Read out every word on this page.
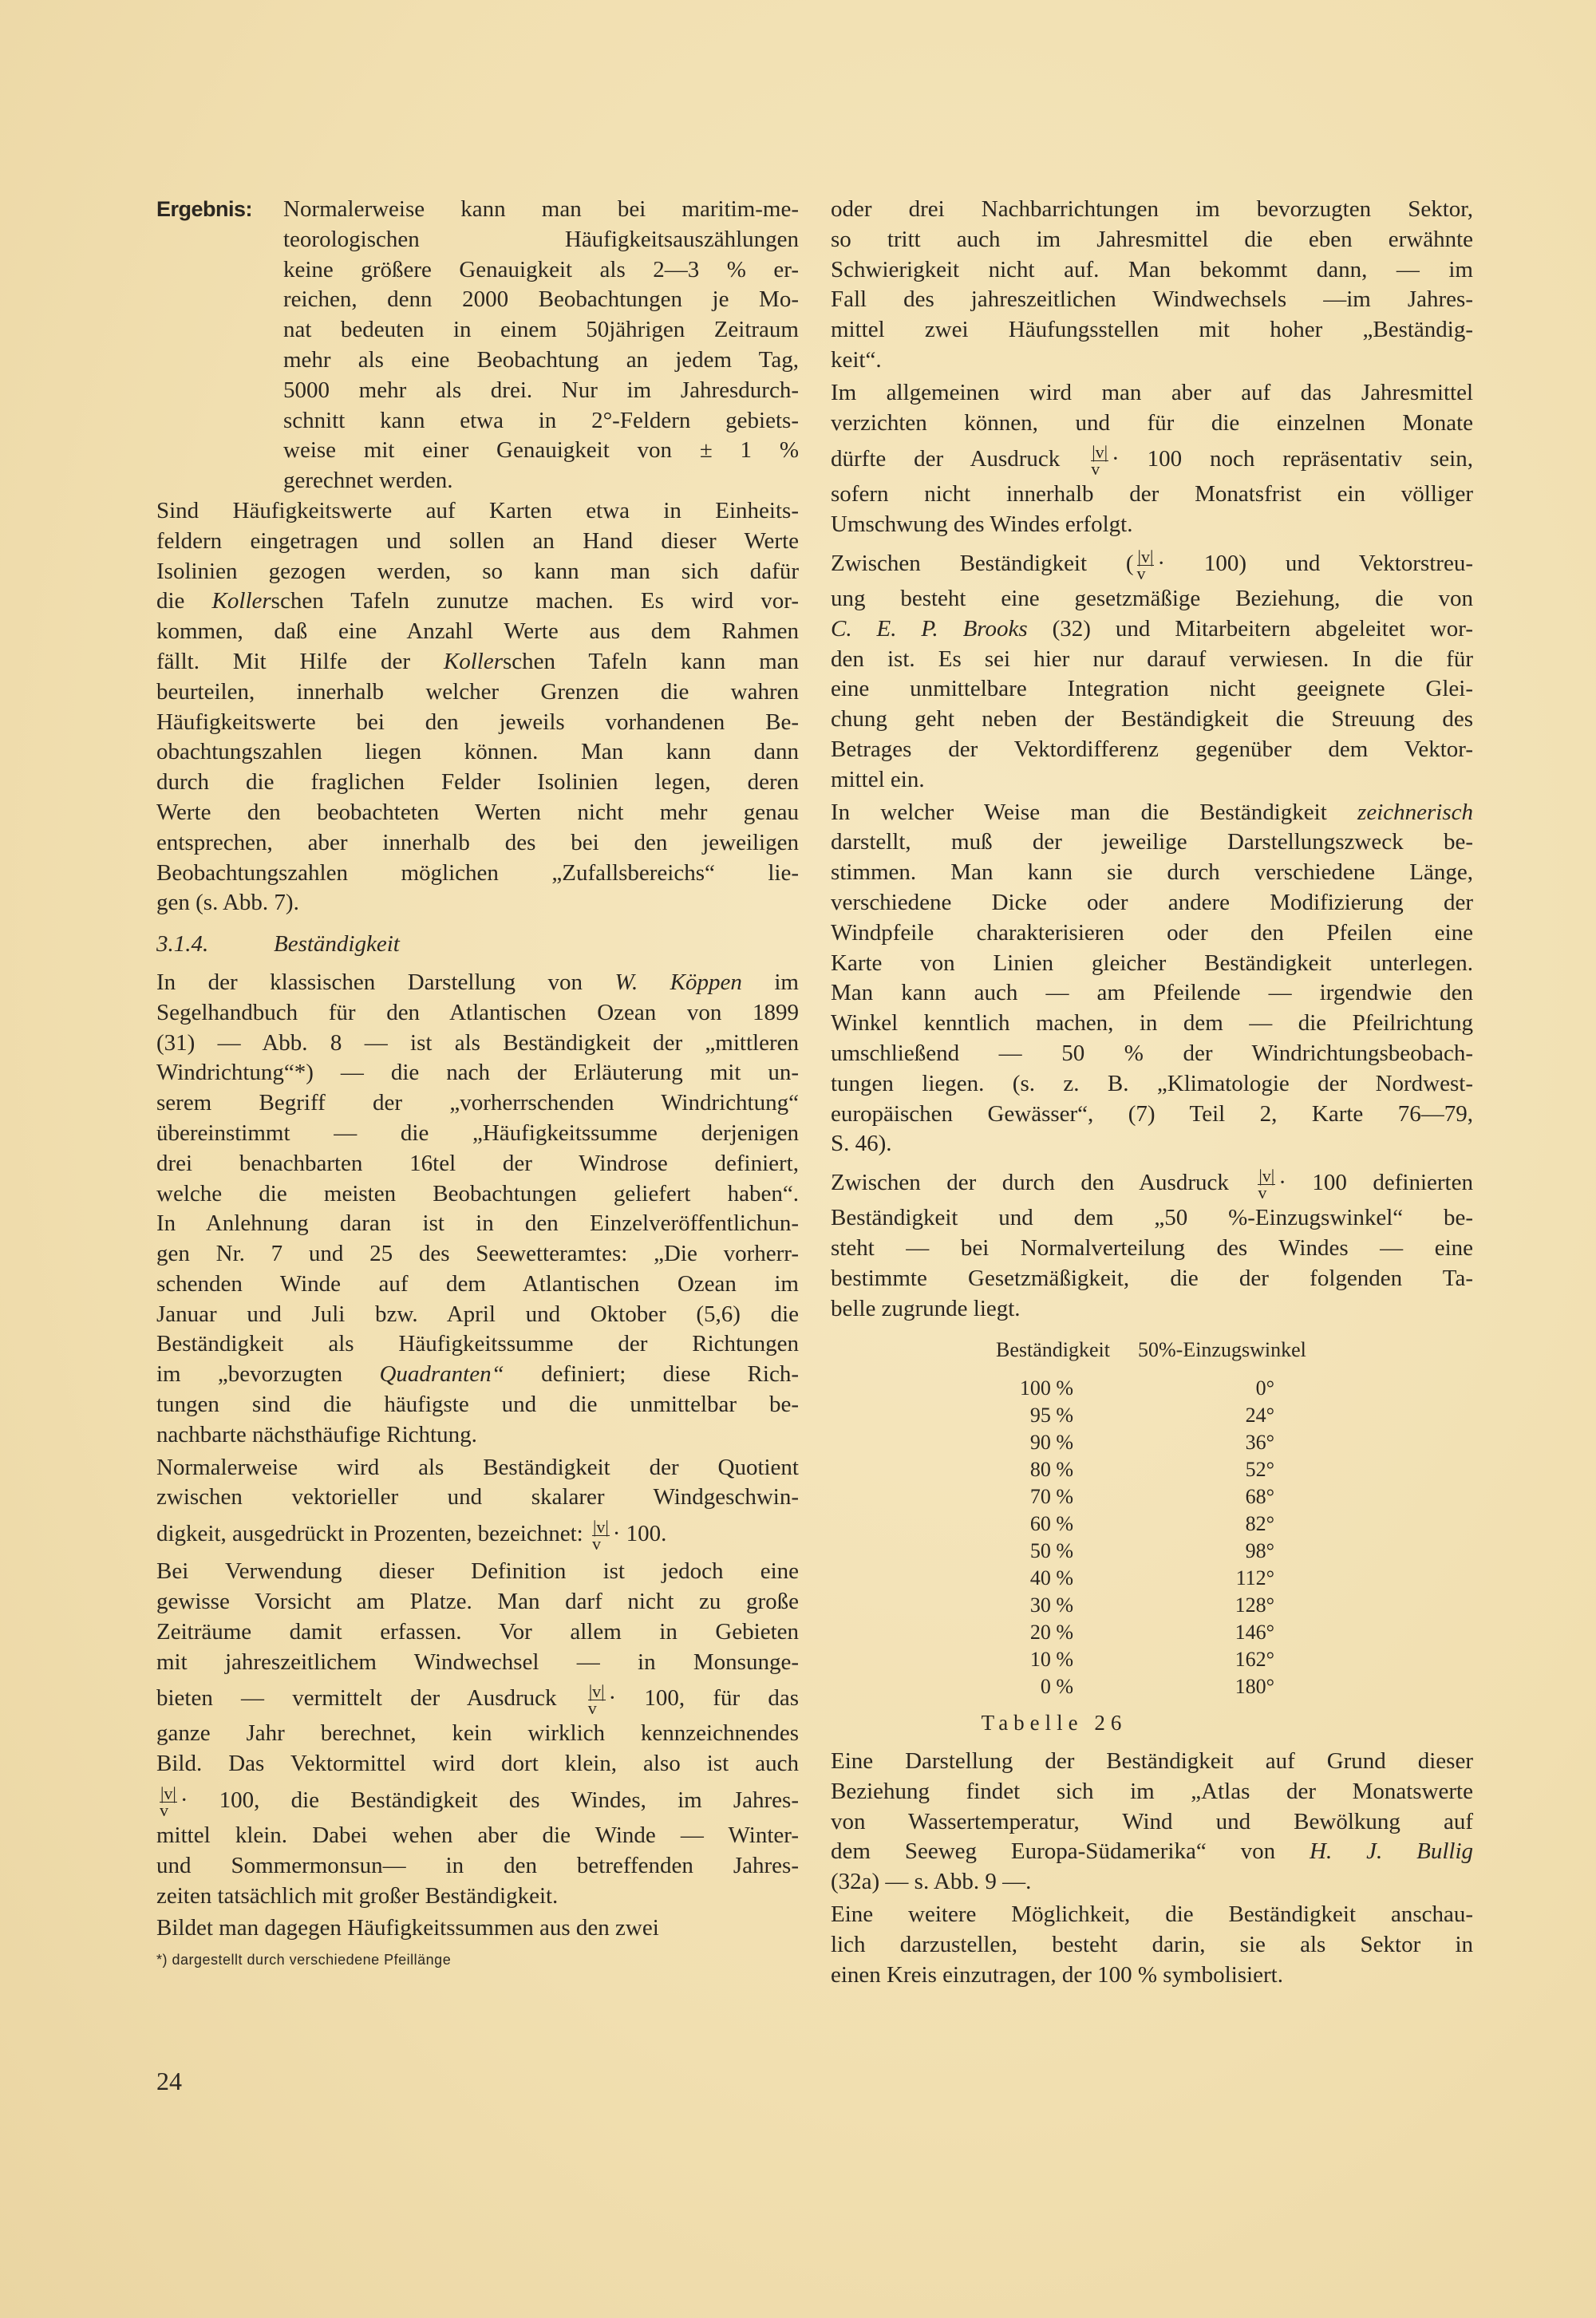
Ergebnis:	Normalerweise kann man bei maritim-me-
teorologischen Häufigkeitsauszählungen
keine größere Genauigkeit als 2—3 % er-
reichen, denn 2000 Beobachtungen je Mo-
nat bedeuten in einem 50jährigen Zeitraum
mehr als eine Beobachtung an jedem Tag,
5000 mehr als drei. Nur im Jahresdurch-
schnitt kann etwa in 2°-Feldern gebiets-
weise mit einer Genauigkeit von ± 1 %
gerechnet werden.
Sind Häufigkeitswerte auf Karten etwa in Einheits-
feldern eingetragen und sollen an Hand dieser Werte
Isolinien gezogen werden, so kann man sich dafür
die Kollerschen Tafeln zunutze machen. Es wird vor-
kommen, daß eine Anzahl Werte aus dem Rahmen
fällt. Mit Hilfe der Kollerschen Tafeln kann man
beurteilen, innerhalb welcher Grenzen die wahren
Häufigkeitswerte bei den jeweils vorhandenen Be-
obachtungszahlen liegen können. Man kann dann
durch die fraglichen Felder Isolinien legen, deren
Werte den beobachteten Werten nicht mehr genau
entsprechen, aber innerhalb des bei den jeweiligen
Beobachtungszahlen möglichen „Zufallsbereichs“ lie-
gen (s. Abb. 7).
3.1.4.	Beständigkeit
In der klassischen Darstellung von W. Köppen im
Segelhandbuch für den Atlantischen Ozean von 1899
(31) — Abb. 8 — ist als Beständigkeit der „mittleren
Windrichtung“*) — die nach der Erläuterung mit un-
serem Begriff der „vorherrschenden Windrichtung“
übereinstimmt — die „Häufigkeitssumme derjenigen
drei benachbarten 16tel der Windrose definiert,
welche die meisten Beobachtungen geliefert haben“.
In Anlehnung daran ist in den Einzelveröffentlichun-
gen Nr. 7 und 25 des Seewetteramtes: „Die vorherr-
schenden Winde auf dem Atlantischen Ozean im
Januar und Juli bzw. April und Oktober (5,6) die
Beständigkeit als Häufigkeitssumme der Richtungen
im „bevorzugten Quadranten“ definiert; diese Rich-
tungen sind die häufigste und die unmittelbar be-
nachbarte nächsthäufige Richtung.
Normalerweise wird als Beständigkeit der Quotient
zwischen vektorieller und skalarer Windgeschwin-
digkeit, ausgedrückt in Prozenten, bezeichnet: $\frac{|v|}{v} \cdot 100$.
Bei Verwendung dieser Definition ist jedoch eine
gewisse Vorsicht am Platze. Man darf nicht zu große
Zeiträume damit erfassen. Vor allem in Gebieten
mit jahreszeitlichem Windwechsel — in Monsunge-
bieten — vermittelt der Ausdruck $\frac{|v|}{v} \cdot 100$, für das
ganze Jahr berechnet, kein wirklich kennzeichnendes
Bild. Das Vektormittel wird dort klein, also ist auch
$\frac{|v|}{v} \cdot 100$, die Beständigkeit des Windes, im Jahres-
mittel klein. Dabei wehen aber die Winde — Winter-
und Sommermonsun— in den betreffenden Jahres-
zeiten tatsächlich mit großer Beständigkeit.
Bildet man dagegen Häufigkeitssummen aus den zwei
*) dargestellt durch verschiedene Pfeillänge
oder drei Nachbarrichtungen im bevorzugten Sektor,
so tritt auch im Jahresmittel die eben erwähnte
Schwierigkeit nicht auf. Man bekommt dann, — im
Fall des jahreszeitlichen Windwechsels —im Jahres-
mittel zwei Häufungsstellen mit hoher „Beständig-
keit“.
Im allgemeinen wird man aber auf das Jahresmittel
verzichten können, und für die einzelnen Monate
dürfte der Ausdruck $\frac{|v|}{v} \cdot 100$ noch repräsentativ sein,
sofern nicht innerhalb der Monatsfrist ein völliger
Umschwung des Windes erfolgt.
Zwischen Beständigkeit ( $\frac{|v|}{v} \cdot 100$) und Vektorstreu-
ung besteht eine gesetzmäßige Beziehung, die von
C. E. P. Brooks (32) und Mitarbeitern abgeleitet wor-
den ist. Es sei hier nur darauf verwiesen. In die für
eine unmittelbare Integration nicht geeignete Glei-
chung geht neben der Beständigkeit die Streuung des
Betrages der Vektordifferenz gegenüber dem Vektor-
mittel ein.
In welcher Weise man die Beständigkeit zeichnerisch
darstellt, muß der jeweilige Darstellungszweck be-
stimmen. Man kann sie durch verschiedene Länge,
verschiedene Dicke oder andere Modifizierung der
Windpfeile charakterisieren oder den Pfeilen eine
Karte von Linien gleicher Beständigkeit unterlegen.
Man kann auch — am Pfeilende — irgendwie den
Winkel kenntlich machen, in dem — die Pfeilrichtung
umschließend — 50 % der Windrichtungsbeobach-
tungen liegen. (s. z. B. „Klimatologie der Nordwest-
europäischen Gewässer“, (7) Teil 2, Karte 76—79,
S. 46).
Zwischen der durch den Ausdruck $\frac{|v|}{v} \cdot 100$ definierten
Beständigkeit und dem „50 %-Einzugswinkel“ be-
steht — bei Normalverteilung des Windes — eine
bestimmte Gesetzmäßigkeit, die der folgenden Ta-
belle zugrunde liegt.
Beständigkeit	50%-Einzugswinkel
100 %	0°
95 %	24°
90 %	36°
80 %	52°
70 %	68°
60 %	82°
50 %	98°
40 %	112°
30 %	128°
20 %	146°
10 %	162°
0 %	180°
Tabelle 26
Eine Darstellung der Beständigkeit auf Grund dieser
Beziehung findet sich im „Atlas der Monatswerte
von Wassertemperatur, Wind und Bewölkung auf
dem Seeweg Europa-Südamerika“ von H. J. Bullig
(32a) — s. Abb. 9 —.
Eine weitere Möglichkeit, die Beständigkeit anschau-
lich darzustellen, besteht darin, sie als Sektor in
einen Kreis einzutragen, der 100 % symbolisiert.
24
